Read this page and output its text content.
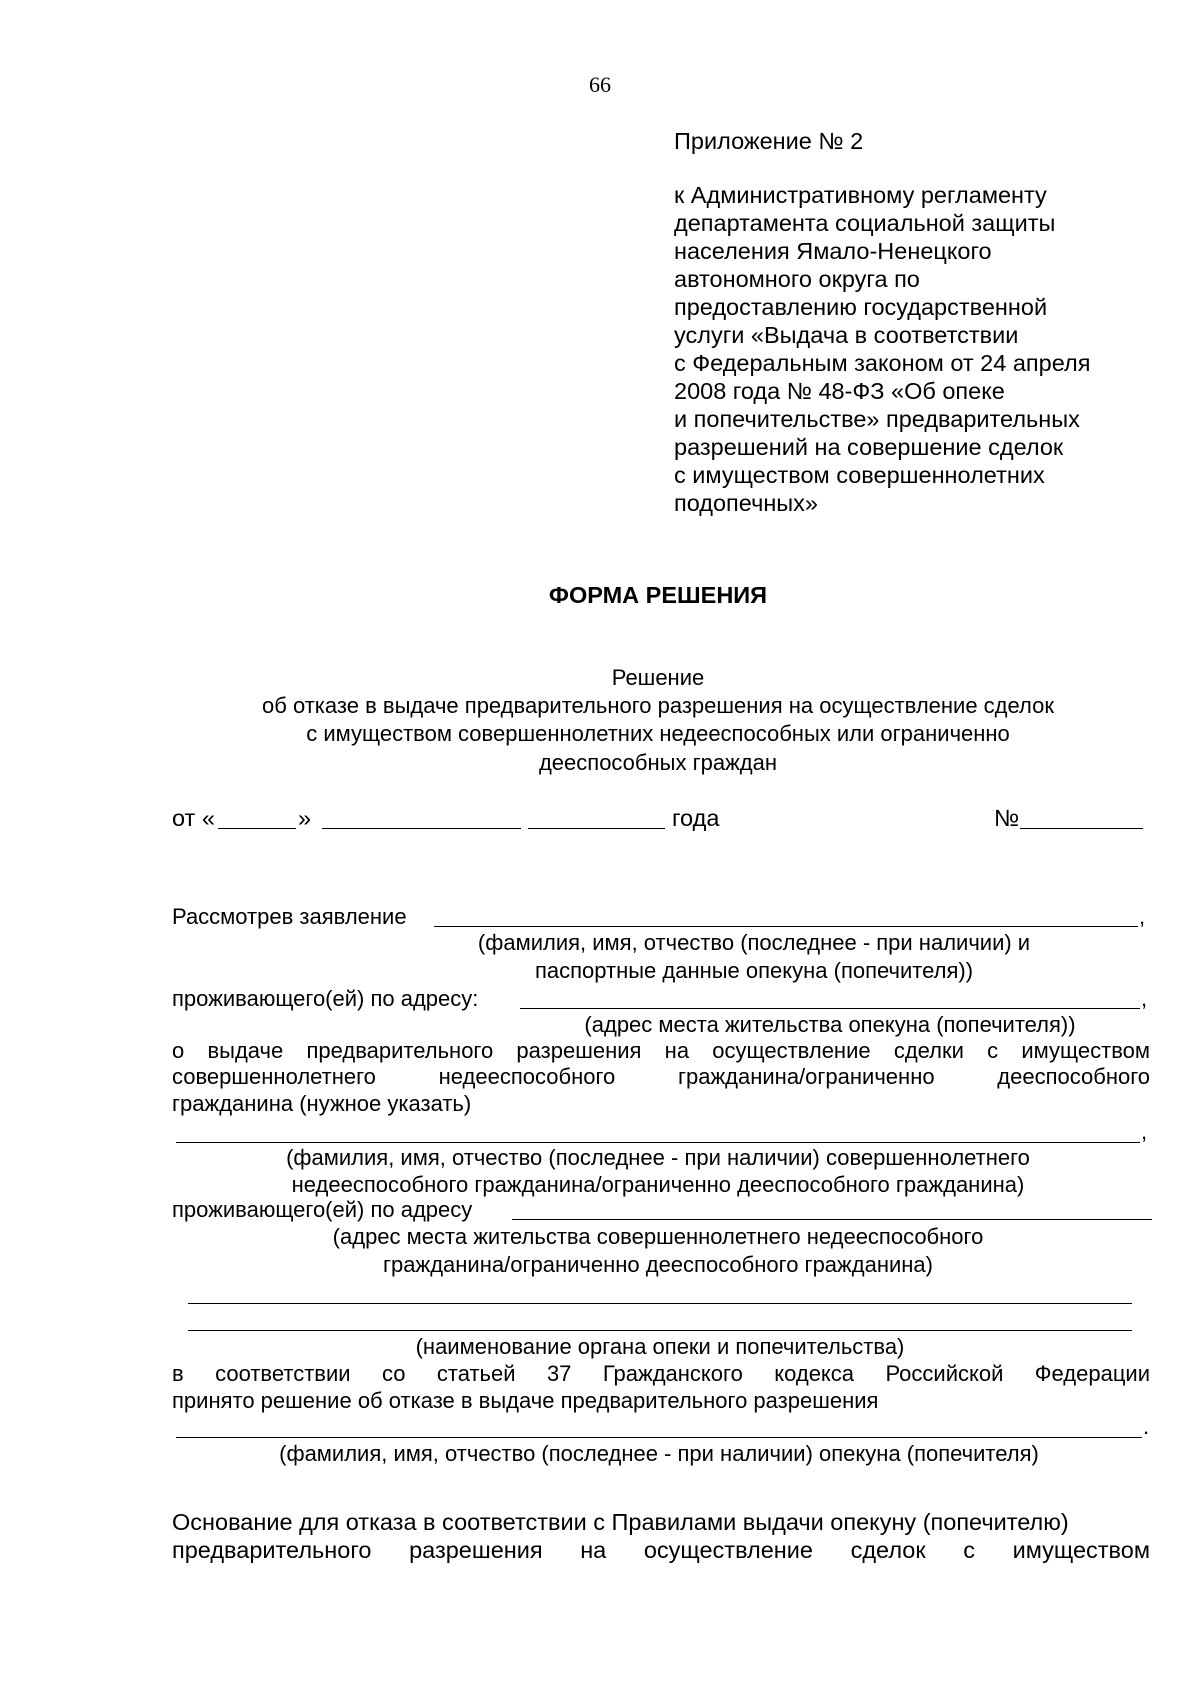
66
Приложение № 2
к Административному регламенту
департамента социальной защиты
населения Ямало-Ненецкого
автономного округа по
предоставлению государственной
услуги «Выдача в соответствии
с Федеральным законом от 24 апреля
2008 года № 48-ФЗ «Об опеке
и попечительстве» предварительных
разрешений на совершение сделок
с имуществом совершеннолетних
подопечных»
ФОРМА РЕШЕНИЯ
Решение
об отказе в выдаче предварительного разрешения на осуществление сделок
с имуществом совершеннолетних недееспособных или ограниченно
дееспособных граждан
от «	»	года	№
Рассмотрев заявление	,
(фамилия, имя, отчество (последнее - при наличии) и
паспортные данные опекуна (попечителя))
проживающего(ей) по адресу:	,
(адрес места жительства опекуна (попечителя))
о выдаче предварительного разрешения на осуществление сделки с имуществом
совершеннолетнего недееспособного гражданина/ограниченно дееспособного
гражданина (нужное указать)
,
(фамилия, имя, отчество (последнее - при наличии) совершеннолетнего
недееспособного гражданина/ограниченно дееспособного гражданина)
проживающего(ей) по адресу
(адрес места жительства совершеннолетнего недееспособного
гражданина/ограниченно дееспособного гражданина)
(наименование органа опеки и попечительства)
в соответствии со статьей 37 Гражданского кодекса Российской Федерации
принято решение об отказе в выдаче предварительного разрешения
.
(фамилия, имя, отчество (последнее - при наличии) опекуна (попечителя)
Основание для отказа в соответствии с Правилами выдачи опекуну (попечителю)
предварительного разрешения на осуществление сделок с имуществом
